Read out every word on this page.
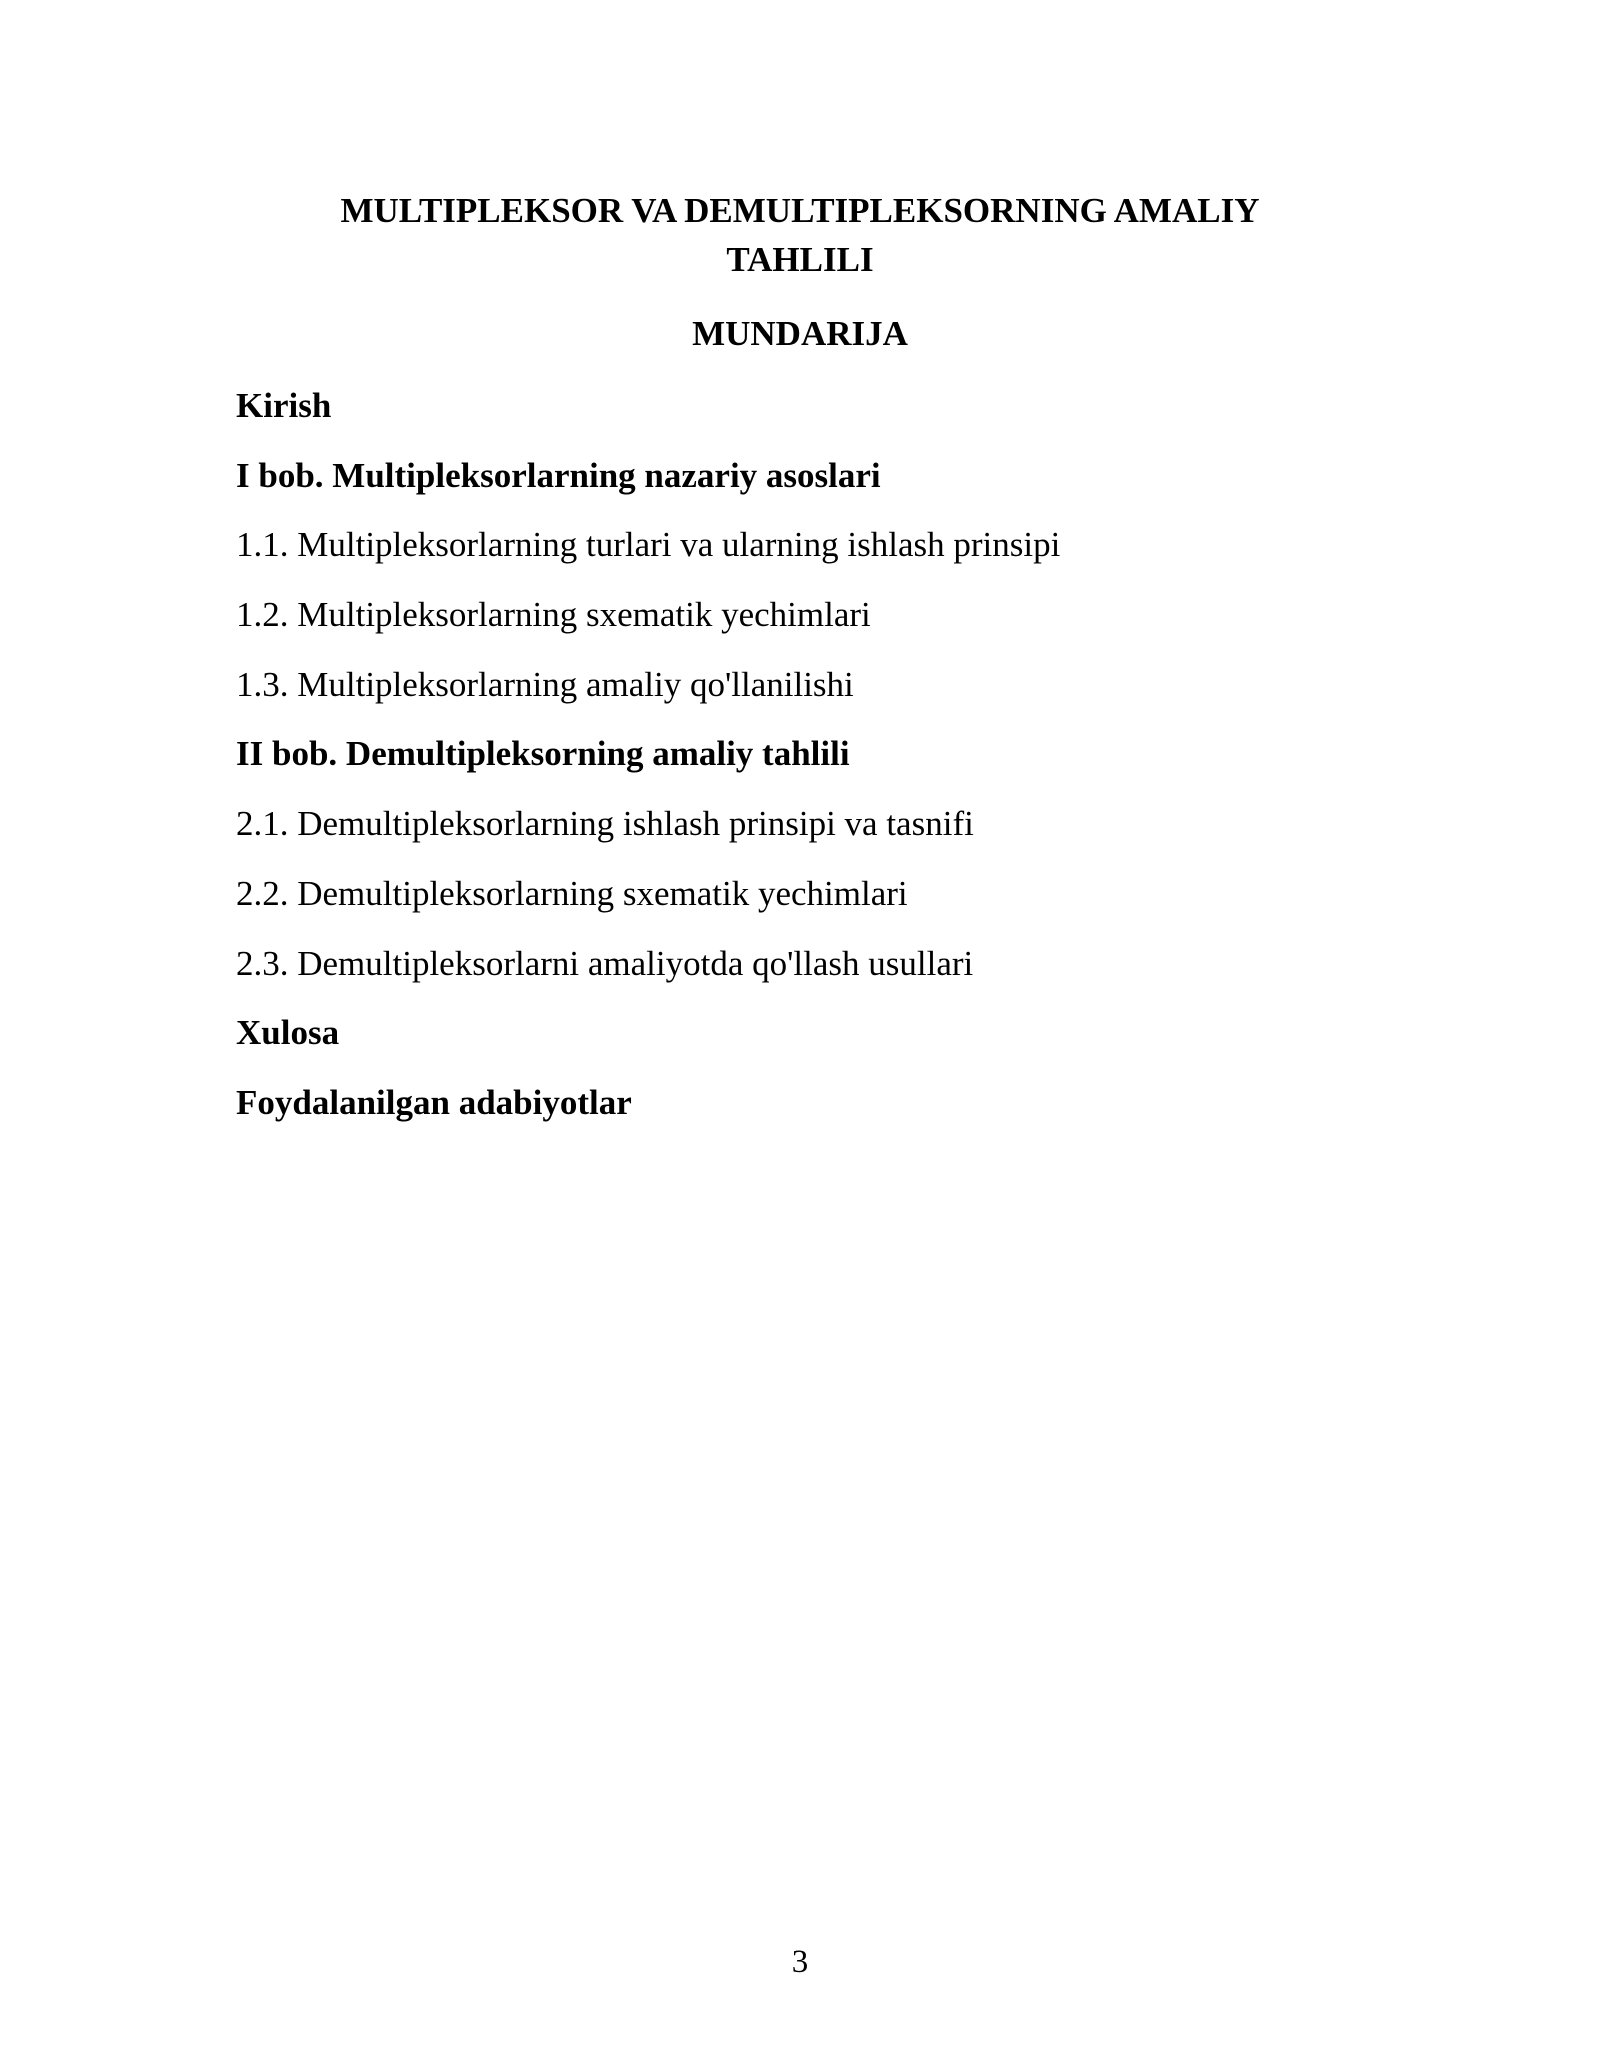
MULTIPLEKSOR VA DEMULTIPLEKSORNING AMALIY
TAHLILI
MUNDARIJA
Kirish
I bob. Multipleksorlarning nazariy asoslari
1.1. Multipleksorlarning turlari va ularning ishlash prinsipi
1.2. Multipleksorlarning sxematik yechimlari
1.3. Multipleksorlarning amaliy qo'llanilishi
II bob. Demultipleksorning amaliy tahlili
2.1. Demultipleksorlarning ishlash prinsipi va tasnifi
2.2. Demultipleksorlarning sxematik yechimlari
2.3. Demultipleksorlarni amaliyotda qo'llash usullari
Xulosa
Foydalanilgan adabiyotlar
3
